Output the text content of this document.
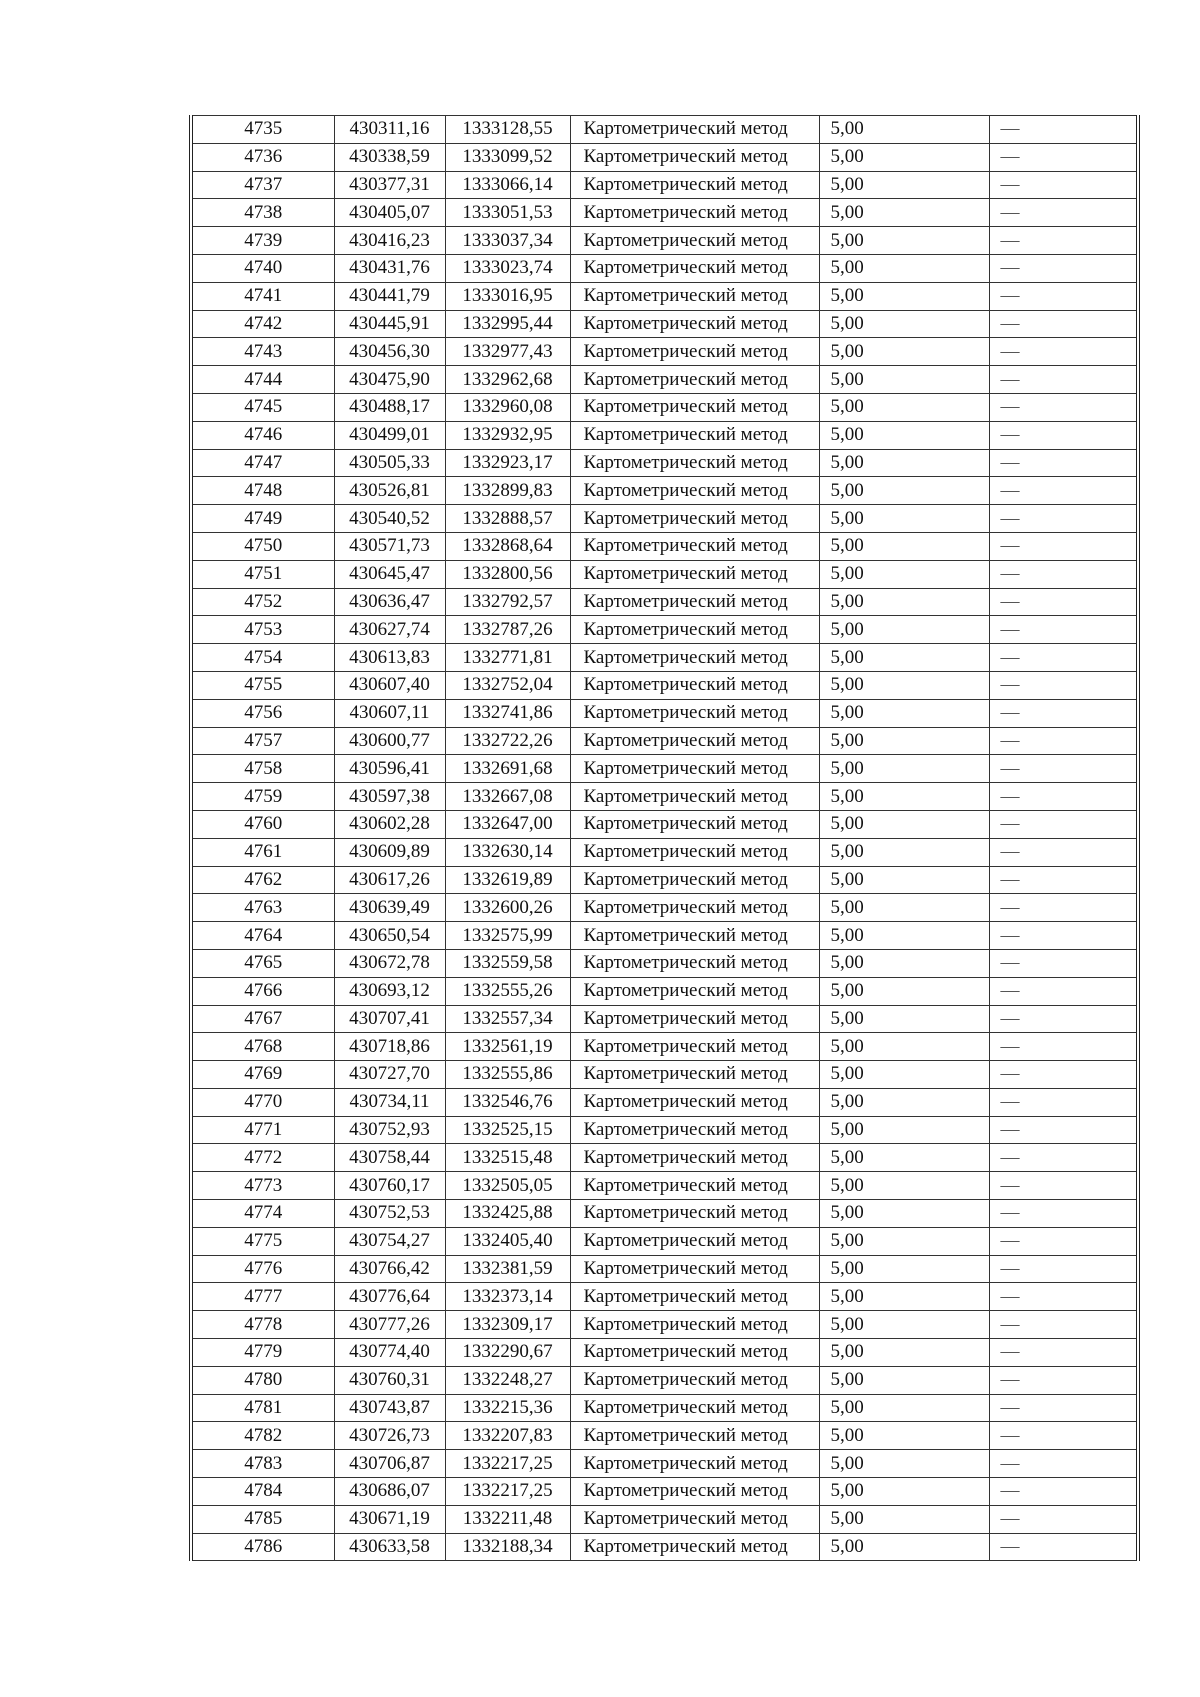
4735	430311,16	1333128,55	Картометрический метод	5,00	—
4736	430338,59	1333099,52	Картометрический метод	5,00	—
4737	430377,31	1333066,14	Картометрический метод	5,00	—
4738	430405,07	1333051,53	Картометрический метод	5,00	—
4739	430416,23	1333037,34	Картометрический метод	5,00	—
4740	430431,76	1333023,74	Картометрический метод	5,00	—
4741	430441,79	1333016,95	Картометрический метод	5,00	—
4742	430445,91	1332995,44	Картометрический метод	5,00	—
4743	430456,30	1332977,43	Картометрический метод	5,00	—
4744	430475,90	1332962,68	Картометрический метод	5,00	—
4745	430488,17	1332960,08	Картометрический метод	5,00	—
4746	430499,01	1332932,95	Картометрический метод	5,00	—
4747	430505,33	1332923,17	Картометрический метод	5,00	—
4748	430526,81	1332899,83	Картометрический метод	5,00	—
4749	430540,52	1332888,57	Картометрический метод	5,00	—
4750	430571,73	1332868,64	Картометрический метод	5,00	—
4751	430645,47	1332800,56	Картометрический метод	5,00	—
4752	430636,47	1332792,57	Картометрический метод	5,00	—
4753	430627,74	1332787,26	Картометрический метод	5,00	—
4754	430613,83	1332771,81	Картометрический метод	5,00	—
4755	430607,40	1332752,04	Картометрический метод	5,00	—
4756	430607,11	1332741,86	Картометрический метод	5,00	—
4757	430600,77	1332722,26	Картометрический метод	5,00	—
4758	430596,41	1332691,68	Картометрический метод	5,00	—
4759	430597,38	1332667,08	Картометрический метод	5,00	—
4760	430602,28	1332647,00	Картометрический метод	5,00	—
4761	430609,89	1332630,14	Картометрический метод	5,00	—
4762	430617,26	1332619,89	Картометрический метод	5,00	—
4763	430639,49	1332600,26	Картометрический метод	5,00	—
4764	430650,54	1332575,99	Картометрический метод	5,00	—
4765	430672,78	1332559,58	Картометрический метод	5,00	—
4766	430693,12	1332555,26	Картометрический метод	5,00	—
4767	430707,41	1332557,34	Картометрический метод	5,00	—
4768	430718,86	1332561,19	Картометрический метод	5,00	—
4769	430727,70	1332555,86	Картометрический метод	5,00	—
4770	430734,11	1332546,76	Картометрический метод	5,00	—
4771	430752,93	1332525,15	Картометрический метод	5,00	—
4772	430758,44	1332515,48	Картометрический метод	5,00	—
4773	430760,17	1332505,05	Картометрический метод	5,00	—
4774	430752,53	1332425,88	Картометрический метод	5,00	—
4775	430754,27	1332405,40	Картометрический метод	5,00	—
4776	430766,42	1332381,59	Картометрический метод	5,00	—
4777	430776,64	1332373,14	Картометрический метод	5,00	—
4778	430777,26	1332309,17	Картометрический метод	5,00	—
4779	430774,40	1332290,67	Картометрический метод	5,00	—
4780	430760,31	1332248,27	Картометрический метод	5,00	—
4781	430743,87	1332215,36	Картометрический метод	5,00	—
4782	430726,73	1332207,83	Картометрический метод	5,00	—
4783	430706,87	1332217,25	Картометрический метод	5,00	—
4784	430686,07	1332217,25	Картометрический метод	5,00	—
4785	430671,19	1332211,48	Картометрический метод	5,00	—
4786	430633,58	1332188,34	Картометрический метод	5,00	—
